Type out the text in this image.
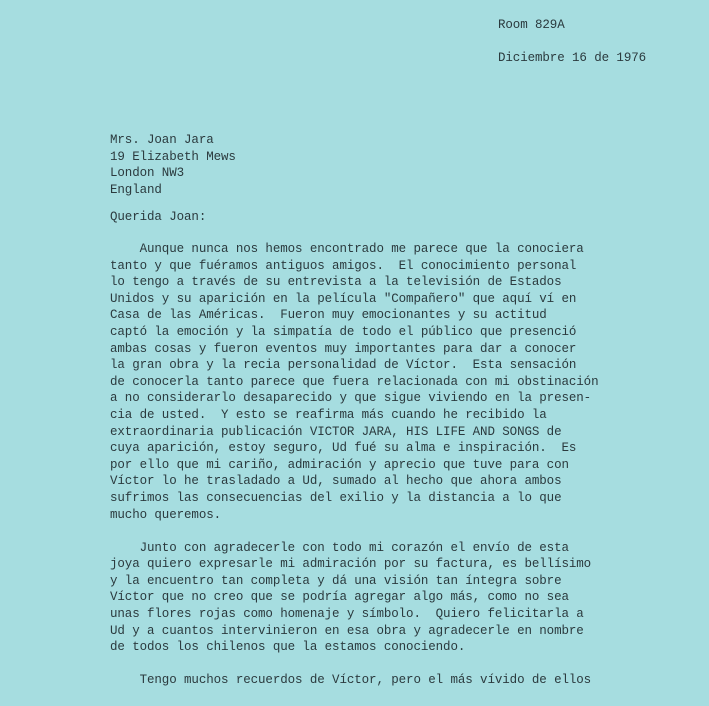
Room 829A
Diciembre 16 de 1976
Mrs. Joan Jara
19 Elizabeth Mews
London NW3
England
Querida Joan:
Aunque nunca nos hemos encontrado me parece que la conociera
tanto y que fuéramos antiguos amigos.  El conocimiento personal
lo tengo a través de su entrevista a la televisión de Estados
Unidos y su aparición en la película "Compañero" que aquí ví en
Casa de las Américas.  Fueron muy emocionantes y su actitud
captó la emoción y la simpatía de todo el público que presenció
ambas cosas y fueron eventos muy importantes para dar a conocer
la gran obra y la recia personalidad de Víctor.  Esta sensación
de conocerla tanto parece que fuera relacionada con mi obstinación
a no considerarlo desaparecido y que sigue viviendo en la presen-
cia de usted.  Y esto se reafirma más cuando he recibido la
extraordinaria publicación VICTOR JARA, HIS LIFE AND SONGS de
cuya aparición, estoy seguro, Ud fué su alma e inspiración.  Es
por ello que mi cariño, admiración y aprecio que tuve para con
Víctor lo he trasladado a Ud, sumado al hecho que ahora ambos
sufrimos las consecuencias del exilio y la distancia a lo que
mucho queremos.
Junto con agradecerle con todo mi corazón el envío de esta
joya quiero expresarle mi admiración por su factura, es bellísimo
y la encuentro tan completa y dá una visión tan íntegra sobre
Víctor que no creo que se podría agregar algo más, como no sea
unas flores rojas como homenaje y símbolo.  Quiero felicitarla a
Ud y a cuantos intervinieron en esa obra y agradecerle en nombre
de todos los chilenos que la estamos conociendo.
Tengo muchos recuerdos de Víctor, pero el más vívido de ellos
